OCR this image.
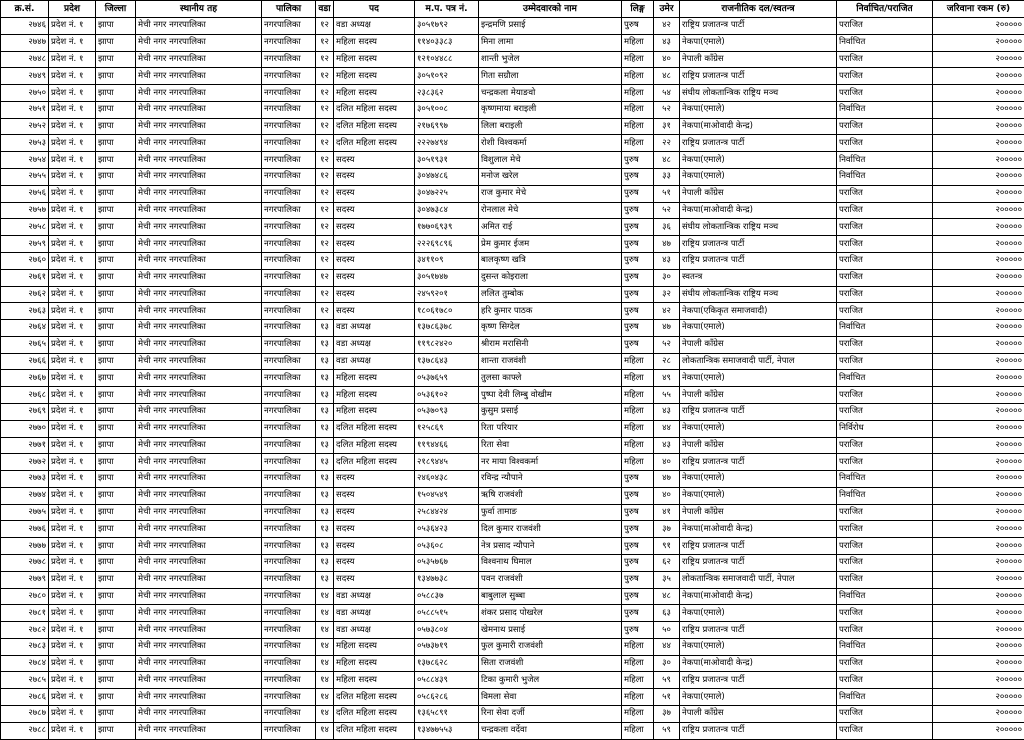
क्र.सं.	प्रदेश	जिल्ला	स्थानीय तह	पालिका	वडा	पद	म.प. पत्र नं.	उम्मेदवारको नाम	लिङ्ग	उमेर	राजनीतिक दल/स्वतन्त्र	निर्वाचित/पराजित	जरिवाना रकम (रु)
२७४६	प्रदेश नं. १	झापा	मेची नगर नगरपालिका	नगरपालिका	१२	वडा अध्यक्ष	३०५१७९२	इन्द्रमणि प्रसाई	पुरुष	४२	राष्ट्रिय प्रजातन्त्र पार्टी	पराजित	२०००००
२७४७	प्रदेश नं. १	झापा	मेची नगर नगरपालिका	नगरपालिका	१२	महिला सदस्य	११४०३३८३	मिना लामा	महिला	४३	नेकपा(एमाले)	निर्वाचित	२०००००
२७४८	प्रदेश नं. १	झापा	मेची नगर नगरपालिका	नगरपालिका	१२	महिला सदस्य	१२१०४४८८	शान्ती भुजेल	महिला	४०	नेपाली काँग्रेस	पराजित	२०००००
२७४९	प्रदेश नं. १	झापा	मेची नगर नगरपालिका	नगरपालिका	१२	महिला सदस्य	३०५१०९२	गिता सग्रौला	महिला	४८	राष्ट्रिय प्रजातन्त्र पार्टी	पराजित	२०००००
२७५०	प्रदेश नं. १	झापा	मेची नगर नगरपालिका	नगरपालिका	१२	महिला सदस्य	२३८३६२	चन्द्रकला मेयाङवो	महिला	५४	संघीय लोकतान्त्रिक राष्ट्रिय मञ्च	पराजित	२०००००
२७५१	प्रदेश नं. १	झापा	मेची नगर नगरपालिका	नगरपालिका	१२	दलित महिला सदस्य	३०५१००८	कृष्णमाया बराइली	महिला	५२	नेकपा(एमाले)	निर्वाचित	२०००००
२७५२	प्रदेश नं. १	झापा	मेची नगर नगरपालिका	नगरपालिका	१२	दलित महिला सदस्य	२१७६९९७	लिला बराइली	महिला	३१	नेकपा(माओवादी केन्द्र)	पराजित	२०००००
२७५३	प्रदेश नं. १	झापा	मेची नगर नगरपालिका	नगरपालिका	१२	दलित महिला सदस्य	२२२७४९४	रोशी विश्वकर्मा	महिला	२२	राष्ट्रिय प्रजातन्त्र पार्टी	पराजित	२०००००
२७५४	प्रदेश नं. १	झापा	मेची नगर नगरपालिका	नगरपालिका	१२	सदस्य	३०५१९३१	विशुलाल मेचे	पुरुष	४८	नेकपा(एमाले)	निर्वाचित	२०००००
२७५५	प्रदेश नं. १	झापा	मेची नगर नगरपालिका	नगरपालिका	१२	सदस्य	३०४७४८६	मनोज खरेल	पुरुष	३३	नेकपा(एमाले)	निर्वाचित	२०००००
२७५६	प्रदेश नं. १	झापा	मेची नगर नगरपालिका	नगरपालिका	१२	सदस्य	३०४७२२५	राज कुमार मेचे	पुरुष	५१	नेपाली काँग्रेस	पराजित	२०००००
२७५७	प्रदेश नं. १	झापा	मेची नगर नगरपालिका	नगरपालिका	१२	सदस्य	३०४७३८४	रोनलाल मेचे	पुरुष	५२	नेकपा(माओवादी केन्द्र)	पराजित	२०००००
२७५८	प्रदेश नं. १	झापा	मेची नगर नगरपालिका	नगरपालिका	१२	सदस्य	१७७०६९३९	अमित राई	पुरुष	३६	संघीय लोकतान्त्रिक राष्ट्रिय मञ्च	पराजित	२०००००
२७५९	प्रदेश नं. १	झापा	मेची नगर नगरपालिका	नगरपालिका	१२	सदस्य	२२२६९८९६	प्रेम कुमार ईजम	पुरुष	४७	राष्ट्रिय प्रजातन्त्र पार्टी	पराजित	२०००००
२७६०	प्रदेश नं. १	झापा	मेची नगर नगरपालिका	नगरपालिका	१२	सदस्य	३४११०९	बालकृष्ण खत्रि	पुरुष	४३	राष्ट्रिय प्रजातन्त्र पार्टी	पराजित	२०००००
२७६१	प्रदेश नं. १	झापा	मेची नगर नगरपालिका	नगरपालिका	१२	सदस्य	३०५१७४७	दुसन्त कोइराला	पुरुष	३०	स्वतन्त्र	पराजित	२०००००
२७६२	प्रदेश नं. १	झापा	मेची नगर नगरपालिका	नगरपालिका	१२	सदस्य	२४५९२०१	ललित तुम्बोक	पुरुष	३२	संघीय लोकतान्त्रिक राष्ट्रिय मञ्च	पराजित	२०००००
२७६३	प्रदेश नं. १	झापा	मेची नगर नगरपालिका	नगरपालिका	१२	सदस्य	१८०६१७८०	हरि कुमार पाठक	पुरुष	४२	नेकपा(एकिकृत समाजवादी)	पराजित	२०००००
२७६४	प्रदेश नं. १	झापा	मेची नगर नगरपालिका	नगरपालिका	१३	वडा अध्यक्ष	१३७८६३७८	कृष्ण सिग्देल	पुरुष	४७	नेकपा(एमाले)	निर्वाचित	२०००००
२७६५	प्रदेश नं. १	झापा	मेची नगर नगरपालिका	नगरपालिका	१३	वडा अध्यक्ष	११९८२४२०	श्रीराम मरासिनी	पुरुष	५२	नेपाली काँग्रेस	पराजित	२०००००
२७६६	प्रदेश नं. १	झापा	मेची नगर नगरपालिका	नगरपालिका	१३	वडा अध्यक्ष	१३७८६४३	शान्ता राजवंशी	महिला	२८	लोकतान्त्रिक समाजवादी पार्टी, नेपाल	पराजित	२०००००
२७६७	प्रदेश नं. १	झापा	मेची नगर नगरपालिका	नगरपालिका	१३	महिला सदस्य	०५३७६५९	तुलसा काफ्ले	महिला	४९	नेकपा(एमाले)	निर्वाचित	२०००००
२७६८	प्रदेश नं. १	झापा	मेची नगर नगरपालिका	नगरपालिका	१३	महिला सदस्य	०५३६१०२	पुष्पा देवी लिम्बु वोखीम	महिला	५५	नेपाली काँग्रेस	पराजित	२०००००
२७६९	प्रदेश नं. १	झापा	मेची नगर नगरपालिका	नगरपालिका	१३	महिला सदस्य	०५३७०९३	कुसुम प्रसाई	महिला	४३	राष्ट्रिय प्रजातन्त्र पार्टी	पराजित	२०००००
२७७०	प्रदेश नं. १	झापा	मेची नगर नगरपालिका	नगरपालिका	१३	दलित महिला सदस्य	१२५८६९	रिता परियार	महिला	४४	नेकपा(एमाले)	निर्विरोध	२०००००
२७७१	प्रदेश नं. १	झापा	मेची नगर नगरपालिका	नगरपालिका	१३	दलित महिला सदस्य	११९४४६६	रिता सेवा	महिला	४३	नेपाली काँग्रेस	पराजित	२०००००
२७७२	प्रदेश नं. १	झापा	मेची नगर नगरपालिका	नगरपालिका	१३	दलित महिला सदस्य	२१८९४४५	नर माया विश्वकर्मा	महिला	४०	राष्ट्रिय प्रजातन्त्र पार्टी	पराजित	२०००००
२७७३	प्रदेश नं. १	झापा	मेची नगर नगरपालिका	नगरपालिका	१३	सदस्य	२४६०४३८	रविन्द्र न्यौपाने	पुरुष	४७	नेकपा(एमाले)	निर्वाचित	२०००००
२७७४	प्रदेश नं. १	झापा	मेची नगर नगरपालिका	नगरपालिका	१३	सदस्य	१५०४५४९	ऋषि राजवंशी	पुरुष	४०	नेकपा(एमाले)	निर्वाचित	२०००००
२७७५	प्रदेश नं. १	झापा	मेची नगर नगरपालिका	नगरपालिका	१३	सदस्य	२५८४४२४	फुर्वा तामाङ	पुरुष	४१	नेपाली काँग्रेस	पराजित	२०००००
२७७६	प्रदेश नं. १	झापा	मेची नगर नगरपालिका	नगरपालिका	१३	सदस्य	०५३६४२३	दिल कुमार राजवंशी	पुरुष	३७	नेकपा(माओवादी केन्द्र)	पराजित	२०००००
२७७७	प्रदेश नं. १	झापा	मेची नगर नगरपालिका	नगरपालिका	१३	सदस्य	०५३६०८	नेत्र प्रसाद न्यौपाने	पुरुष	९१	राष्ट्रिय प्रजातन्त्र पार्टी	पराजित	२०००००
२७७८	प्रदेश नं. १	झापा	मेची नगर नगरपालिका	नगरपालिका	१३	सदस्य	०५३५७६७	विश्वनाथ घिमाल	पुरुष	६२	राष्ट्रिय प्रजातन्त्र पार्टी	पराजित	२०००००
२७७९	प्रदेश नं. १	झापा	मेची नगर नगरपालिका	नगरपालिका	१३	सदस्य	१३४७७३८	पवन राजवंशी	पुरुष	३५	लोकतान्त्रिक समाजवादी पार्टी, नेपाल	पराजित	२०००००
२७८०	प्रदेश नं. १	झापा	मेची नगर नगरपालिका	नगरपालिका	१४	वडा अध्यक्ष	०५८८३७	बाबुलाल सुब्बा	पुरुष	४८	नेकपा(माओवादी केन्द्र)	निर्वाचित	२०००००
२७८१	प्रदेश नं. १	झापा	मेची नगर नगरपालिका	नगरपालिका	१४	वडा अध्यक्ष	०५८८५१५	शंकर प्रसाद पोखरेल	पुरुष	६३	नेकपा(एमाले)	पराजित	२०००००
२७८२	प्रदेश नं. १	झापा	मेची नगर नगरपालिका	नगरपालिका	१४	वडा अध्यक्ष	०५७३८०४	खेमनाथ प्रसाई	पुरुष	५०	राष्ट्रिय प्रजातन्त्र पार्टी	पराजित	२०००००
२७८३	प्रदेश नं. १	झापा	मेची नगर नगरपालिका	नगरपालिका	१४	महिला सदस्य	०५७३७१९	फुल कुमारी राजवंशी	महिला	४४	नेकपा(एमाले)	निर्वाचित	२०००००
२७८४	प्रदेश नं. १	झापा	मेची नगर नगरपालिका	नगरपालिका	१४	महिला सदस्य	१३७८६२८	सिता राजवंशी	महिला	३०	नेकपा(माओवादी केन्द्र)	पराजित	२०००००
२७८५	प्रदेश नं. १	झापा	मेची नगर नगरपालिका	नगरपालिका	१४	महिला सदस्य	०५८८४३९	टिका कुमारी भुजेल	महिला	५९	राष्ट्रिय प्रजातन्त्र पार्टी	पराजित	२०००००
२७८६	प्रदेश नं. १	झापा	मेची नगर नगरपालिका	नगरपालिका	१४	दलित महिला सदस्य	०५८६२८६	विमला सेवा	महिला	५१	नेकपा(एमाले)	निर्वाचित	२०००००
२७८७	प्रदेश नं. १	झापा	मेची नगर नगरपालिका	नगरपालिका	१४	दलित महिला सदस्य	१३६५८९१	रिना सेवा दर्जी	महिला	३७	नेपाली काँग्रेस	पराजित	२०००००
२७८८	प्रदेश नं. १	झापा	मेची नगर नगरपालिका	नगरपालिका	१४	दलित महिला सदस्य	१३४७७५५३	चन्द्रकला वर्देवा	महिला	५९	राष्ट्रिय प्रजातन्त्र पार्टी	पराजित	२०००००
